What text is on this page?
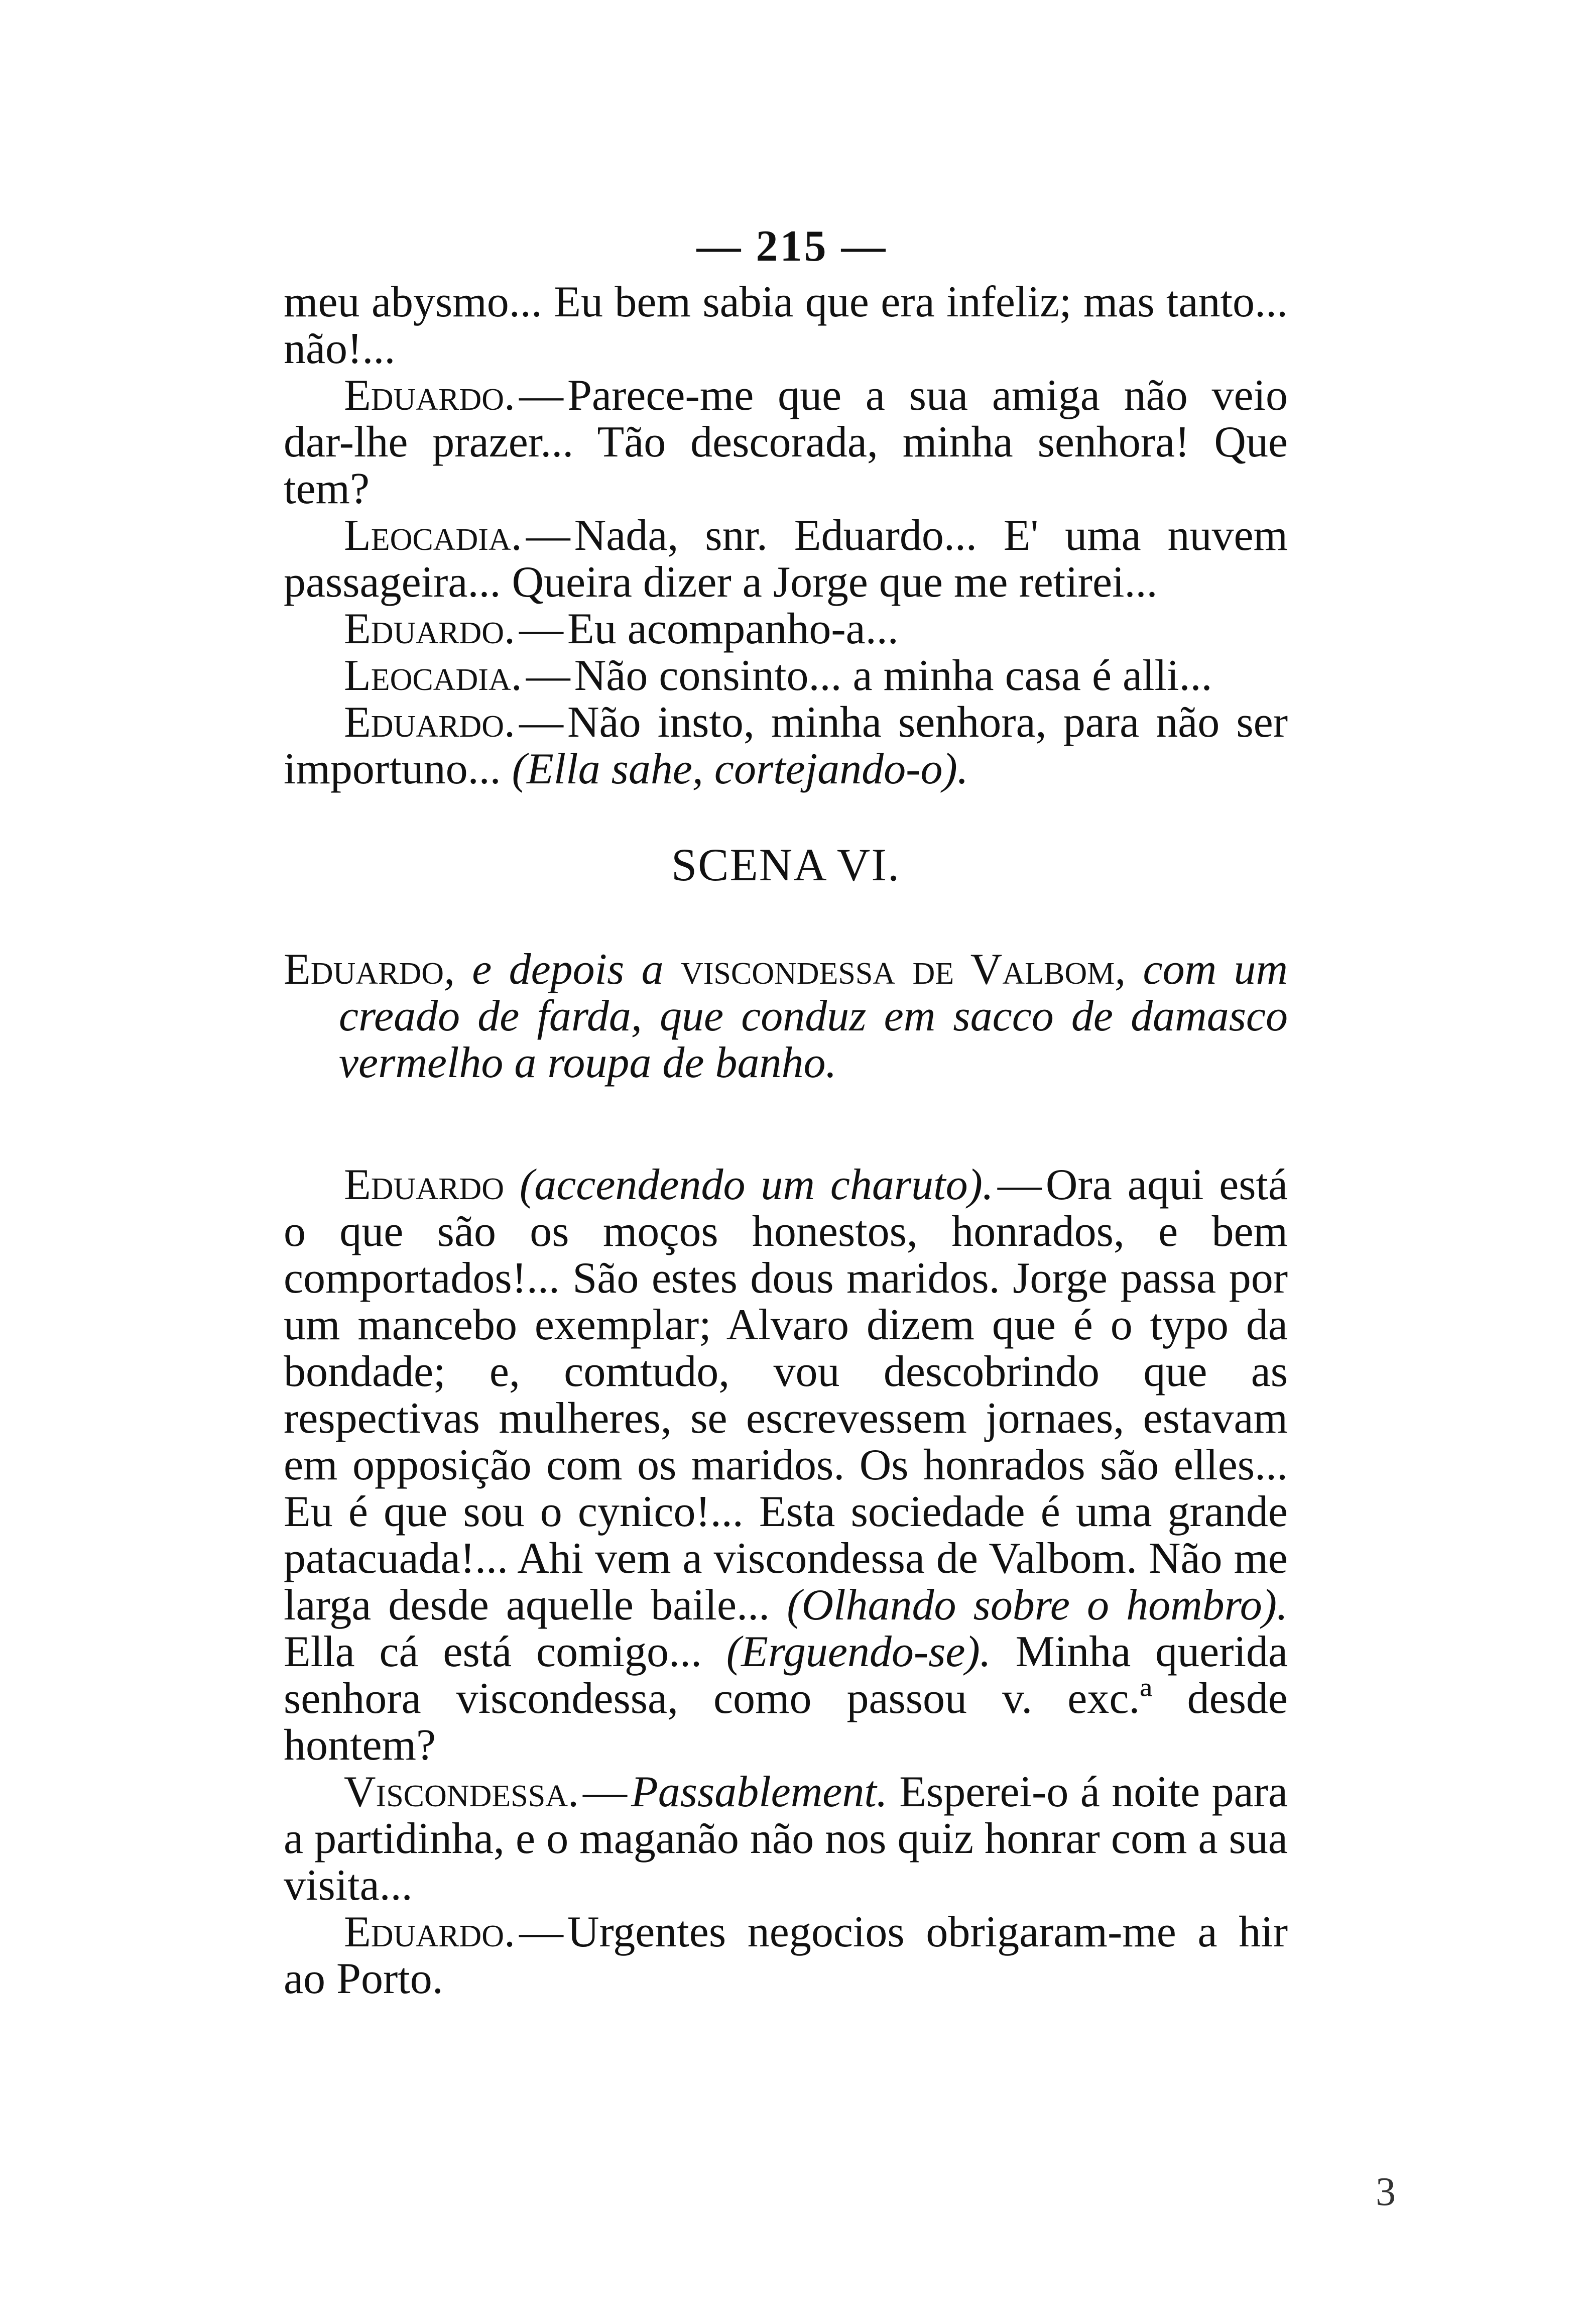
— 215 —

meu abysmo... Eu bem sabia que era infeliz; mas tanto... não!...

Eduardo.—Parece-me que a sua amiga não veio dar-lhe prazer... Tão descorada, minha senhora! Que tem?

Leocadia.—Nada, snr. Eduardo... E' uma nuvem passageira... Queira dizer a Jorge que me retirei...

Eduardo.—Eu acompanho-a...

Leocadia.—Não consinto... a minha casa é alli...

Eduardo.—Não insto, minha senhora, para não ser importuno... (Ella sahe, cortejando-o).

SCENA VI.

Eduardo, e depois a viscondessa de Valbom, com um creado de farda, que conduz em sacco de damasco vermelho a roupa de banho.

Eduardo (accendendo um charuto).—Ora aqui está o que são os moços honestos, honrados, e bem comportados!... São estes dous maridos. Jorge passa por um mancebo exemplar; Alvaro dizem que é o typo da bondade; e, comtudo, vou descobrindo que as respectivas mulheres, se escrevessem jornaes, estavam em opposição com os maridos. Os honrados são elles... Eu é que sou o cynico!... Esta sociedade é uma grande patacuada!... Ahi vem a viscondessa de Valbom. Não me larga desde aquelle baile... (Olhando sobre o hombro). Ella cá está comigo... (Erguendo-se). Minha querida senhora viscondessa, como passou v. exc.ª desde hontem?

Viscondessa.—Passablement. Esperei-o á noite para a partidinha, e o maganão não nos quiz honrar com a sua visita...

Eduardo.—Urgentes negocios obrigaram-me a hir ao Porto.

3
